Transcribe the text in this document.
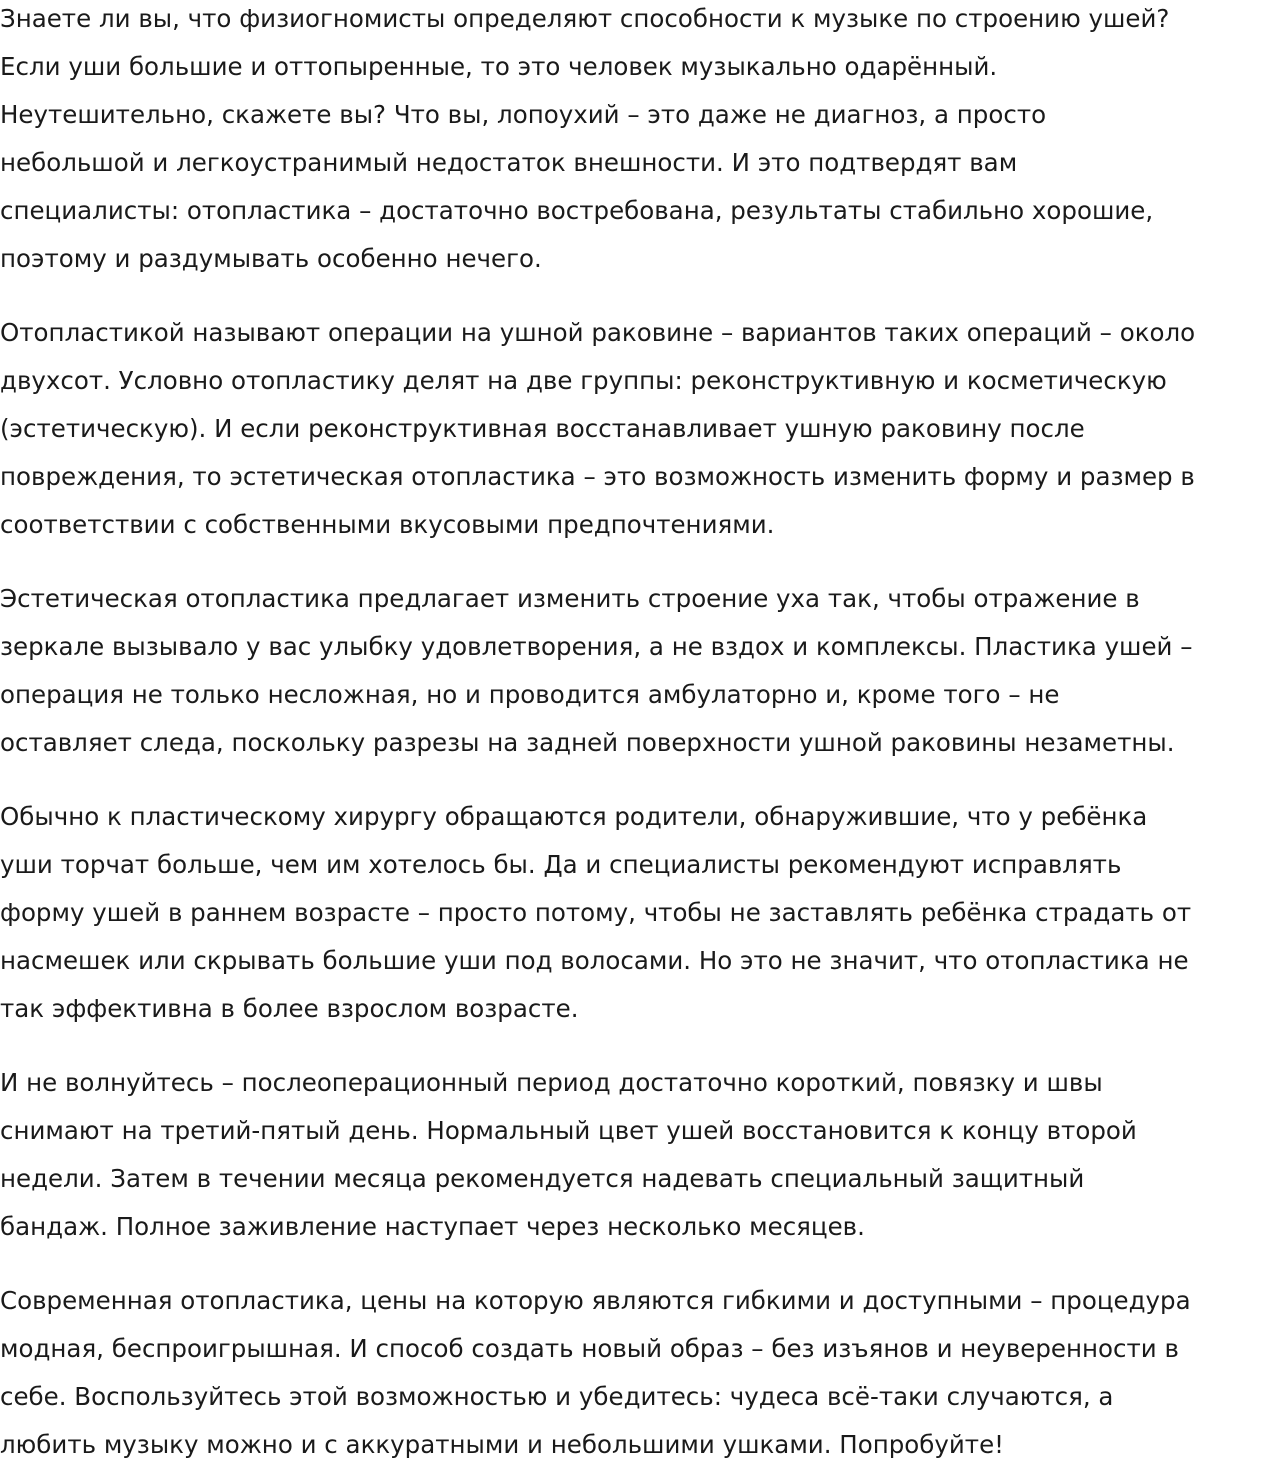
Знаете ли вы, что физиогномисты определяют способности к музыке по строению ушей?
Если уши большие и оттопыренные, то это человек музыкально одарённый.
Неутешительно, скажете вы? Что вы, лопоухий – это даже не диагноз, а просто
небольшой и легкоустранимый недостаток внешности. И это подтвердят вам
специалисты: отопластика – достаточно востребована, результаты стабильно хорошие,
поэтому и раздумывать особенно нечего.

Отопластикой называют операции на ушной раковине – вариантов таких операций – около
двухсот. Условно отопластику делят на две группы: реконструктивную и косметическую
(эстетическую). И если реконструктивная восстанавливает ушную раковину после
повреждения, то эстетическая отопластика – это возможность изменить форму и размер в
соответствии с собственными вкусовыми предпочтениями.

Эстетическая отопластика предлагает изменить строение уха так, чтобы отражение в
зеркале вызывало у вас улыбку удовлетворения, а не вздох и комплексы. Пластика ушей –
операция не только несложная, но и проводится амбулаторно и, кроме того – не
оставляет следа, поскольку разрезы на задней поверхности ушной раковины незаметны.

Обычно к пластическому хирургу обращаются родители, обнаружившие, что у ребёнка
уши торчат больше, чем им хотелось бы. Да и специалисты рекомендуют исправлять
форму ушей в раннем возрасте – просто потому, чтобы не заставлять ребёнка страдать от
насмешек или скрывать большие уши под волосами. Но это не значит, что отопластика не
так эффективна в более взрослом возрасте.

И не волнуйтесь – послеоперационный период достаточно короткий, повязку и швы
снимают на третий-пятый день. Нормальный цвет ушей восстановится к концу второй
недели. Затем в течении месяца рекомендуется надевать специальный защитный
бандаж. Полное заживление наступает через несколько месяцев.

Современная отопластика, цены на которую являются гибкими и доступными – процедура
модная, беспроигрышная. И способ создать новый образ – без изъянов и неуверенности в
себе. Воспользуйтесь этой возможностью и убедитесь: чудеса всё-таки случаются, а
любить музыку можно и с аккуратными и небольшими ушками. Попробуйте!
